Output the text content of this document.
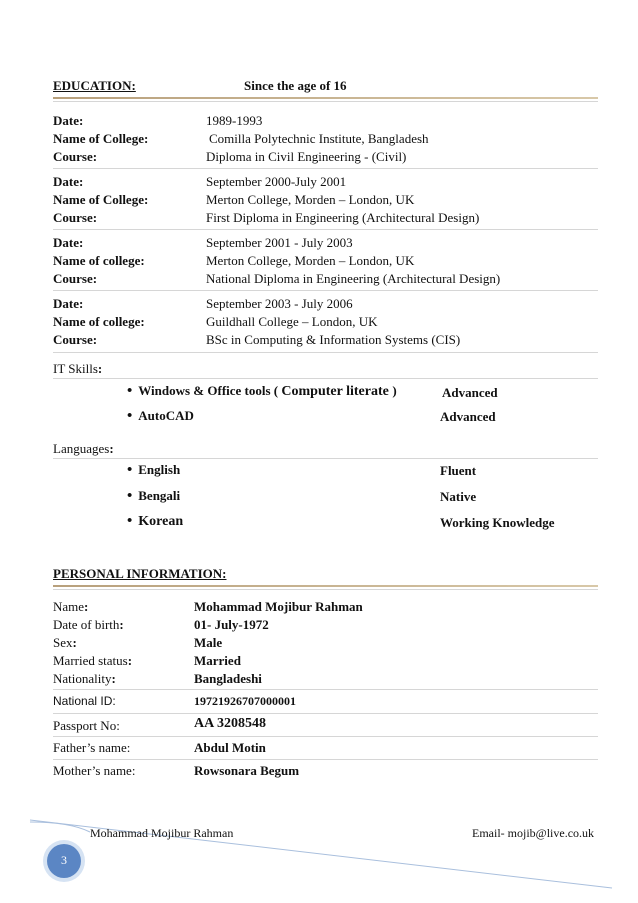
EDUCATION:	Since the age of 16
Date:	1989-1993
Name of College:	Comilla Polytechnic Institute, Bangladesh
Course:	Diploma in Civil Engineering - (Civil)
Date:	September 2000-July 2001
Name of College:	Merton College, Morden – London, UK
Course:	First Diploma in Engineering (Architectural Design)
Date:	September 2001 - July 2003
Name of college:	Merton College, Morden – London, UK
Course:	National Diploma in Engineering (Architectural Design)
Date:	September 2003 - July 2006
Name of college:	Guildhall College – London, UK
Course:	BSc in Computing & Information Systems (CIS)
IT Skills:
• Windows & Office tools ( Computer literate )	Advanced
• AutoCAD	Advanced
Languages:
• English	Fluent
• Bengali	Native
• Korean	Working Knowledge
PERSONAL INFORMATION:
Name:	Mohammad Mojibur Rahman
Date of birth:	01- July-1972
Sex:	Male
Married status:	Married
Nationality:	Bangladeshi
National ID:	19721926707000001
Passport No:	AA 3208548
Father’s name:	Abdul Motin
Mother’s name:	Rowsonara Begum
3
Mohammad Mojibur Rahman	Email- mojib@live.co.uk
